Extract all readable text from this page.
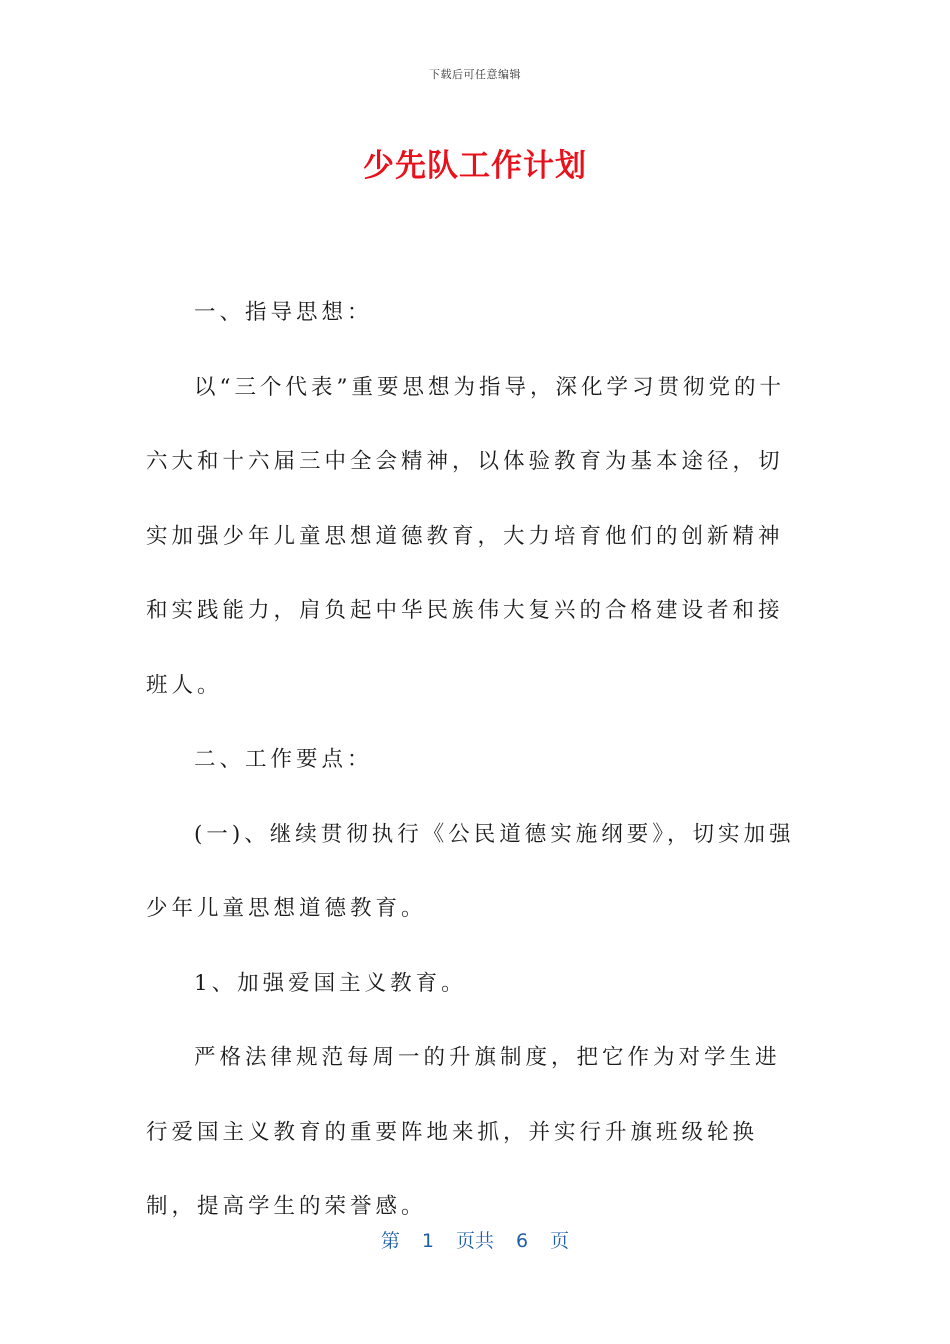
下载后可任意编辑
少先队工作计划

一、指导思想：

以“三个代表”重要思想为指导，深化学习贯彻党的十六大和十六届三中全会精神，以体验教育为基本途径，切实加强少年儿童思想道德教育，大力培育他们的创新精神和实践能力，肩负起中华民族伟大复兴的合格建设者和接班人。

二、工作要点：

(一)、继续贯彻执行《公民道德实施纲要》，切实加强少年儿童思想道德教育。

1、加强爱国主义教育。

严格法律规范每周一的升旗制度，把它作为对学生进行爱国主义教育的重要阵地来抓，并实行升旗班级轮换制，提高学生的荣誉感。

第 1 页共 6 页
